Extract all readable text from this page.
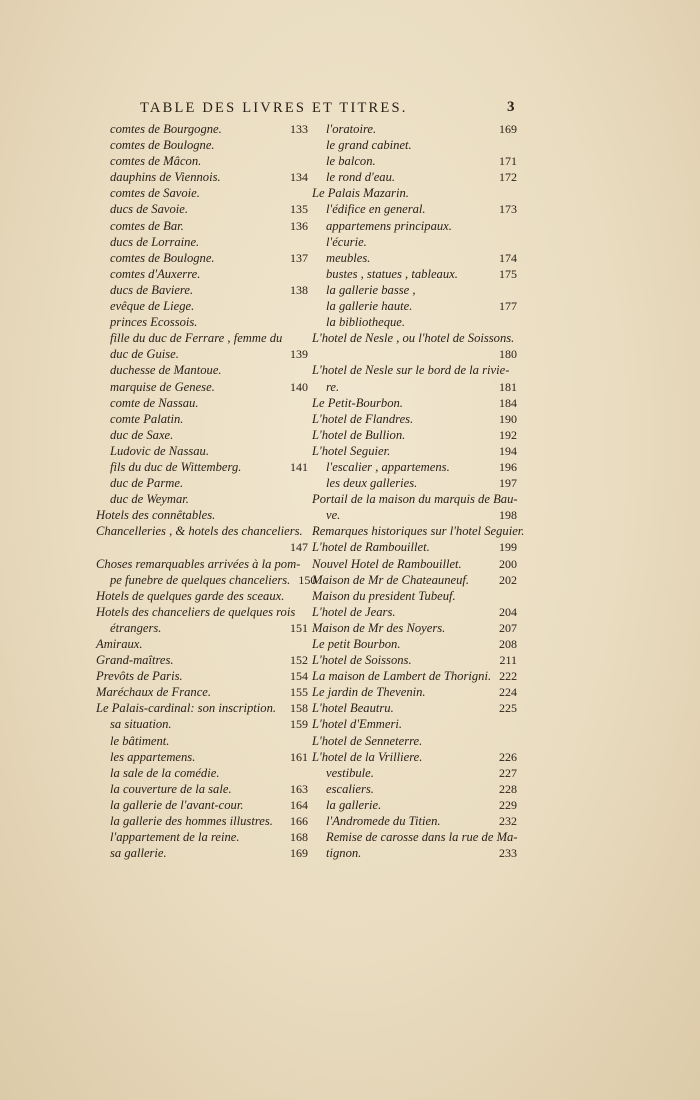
TABLE DES LIVRES ET TITRES.	3
comtes de Bourgogne.	133
comtes de Boulogne.
comtes de Mâcon.
dauphins de Viennois.	134
comtes de Savoie.
ducs de Savoie.	135
comtes de Bar.	136
ducs de Lorraine.
comtes de Boulogne.	137
comtes d'Auxerre.
ducs de Baviere.	138
evêque de Liege.
princes Ecossois.
fille du duc de Ferrare , femme du
duc de Guise.	139
duchesse de Mantoue.
marquise de Genese.	140
comte de Nassau.
comte Palatin.
duc de Saxe.
Ludovic de Nassau.
fils du duc de Wittemberg.	141
duc de Parme.
duc de Weymar.
Hotels des connêtables.
Chancelleries , & hotels des chanceliers.
147
Choses remarquables arrivées à la pom-
pe funebre de quelques chanceliers. 150
Hotels de quelques garde des sceaux.
Hotels des chanceliers de quelques rois
étrangers.	151
Amiraux.
Grand-maîtres.	152
Prevôts de Paris.	154
Maréchaux de France.	155
Le Palais-cardinal: son inscription.	158
sa situation.	159
le bâtiment.
les appartemens.	161
la sale de la comédie.
la couverture de la sale.	163
la gallerie de l'avant-cour.	164
la gallerie des hommes illustres.	166
l'appartement de la reine.	168
sa gallerie.	169
l'oratoire.	169
le grand cabinet.
le balcon.	171
le rond d'eau.	172
Le Palais Mazarin.
l'édifice en general.	173
appartemens principaux.
l'écurie.
meubles.	174
bustes , statues , tableaux.	175
la gallerie basse ,
la gallerie haute.	177
la bibliotheque.
L'hotel de Nesle , ou l'hotel de Soissons.
180
L'hotel de Nesle sur le bord de la rivie-
re.	181
Le Petit-Bourbon.	184
L'hotel de Flandres.	190
L'hotel de Bullion.	192
L'hotel Seguier.	194
l'escalier , appartemens.	196
les deux galleries.	197
Portail de la maison du marquis de Bau-
ve.	198
Remarques historiques sur l'hotel Seguier.
L'hotel de Rambouillet.	199
Nouvel Hotel de Rambouillet.	200
Maison de Mr de Chateauneuf.	202
Maison du president Tubeuf.
L'hotel de Jears.	204
Maison de Mr des Noyers.	207
Le petit Bourbon.	208
L'hotel de Soissons.	211
La maison de Lambert de Thorigni. 222
Le jardin de Thevenin.	224
L'hotel Beautru.	225
L'hotel d'Emmeri.
L'hotel de Senneterre.
L'hotel de la Vrilliere.	226
vestibule.	227
escaliers.	228
la gallerie.	229
l'Andromede du Titien.	232
Remise de carosse dans la rue de Ma-
tignon.	233
